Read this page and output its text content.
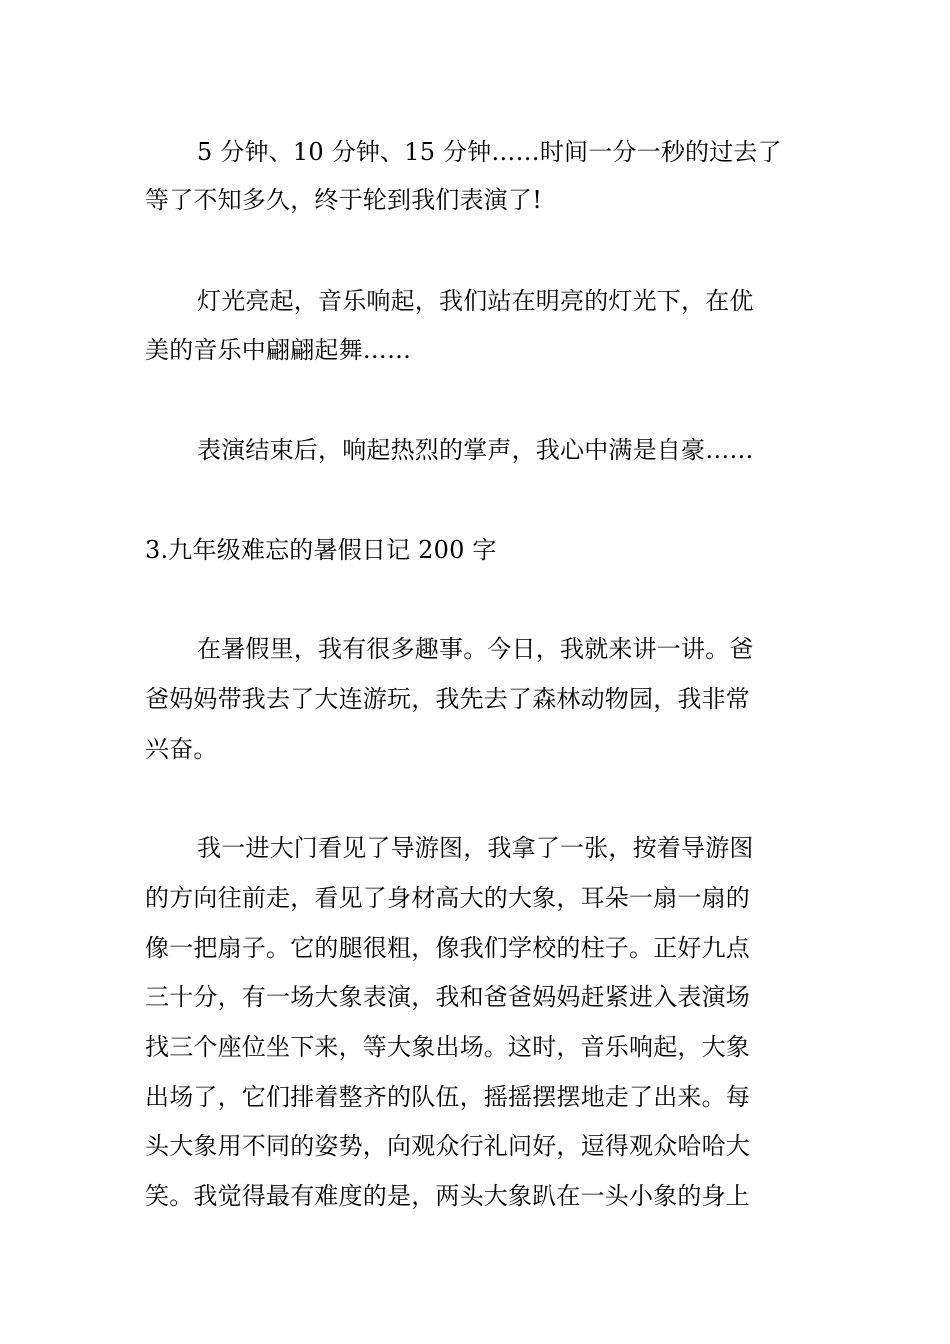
5 分钟、10 分钟、15 分钟……时间一分一秒的过去了
等了不知多久，终于轮到我们表演了!
灯光亮起，音乐响起，我们站在明亮的灯光下，在优
美的音乐中翩翩起舞……
表演结束后，响起热烈的掌声，我心中满是自豪……
3.九年级难忘的暑假日记 200 字
在暑假里，我有很多趣事。今日，我就来讲一讲。爸
爸妈妈带我去了大连游玩，我先去了森林动物园，我非常
兴奋。
我一进大门看见了导游图，我拿了一张，按着导游图
的方向往前走，看见了身材高大的大象，耳朵一扇一扇的
像一把扇子。它的腿很粗，像我们学校的柱子。正好九点
三十分，有一场大象表演，我和爸爸妈妈赶紧进入表演场
找三个座位坐下来，等大象出场。这时，音乐响起，大象
出场了，它们排着整齐的队伍，摇摇摆摆地走了出来。每
头大象用不同的姿势，向观众行礼问好，逗得观众哈哈大
笑。我觉得最有难度的是，两头大象趴在一头小象的身上
